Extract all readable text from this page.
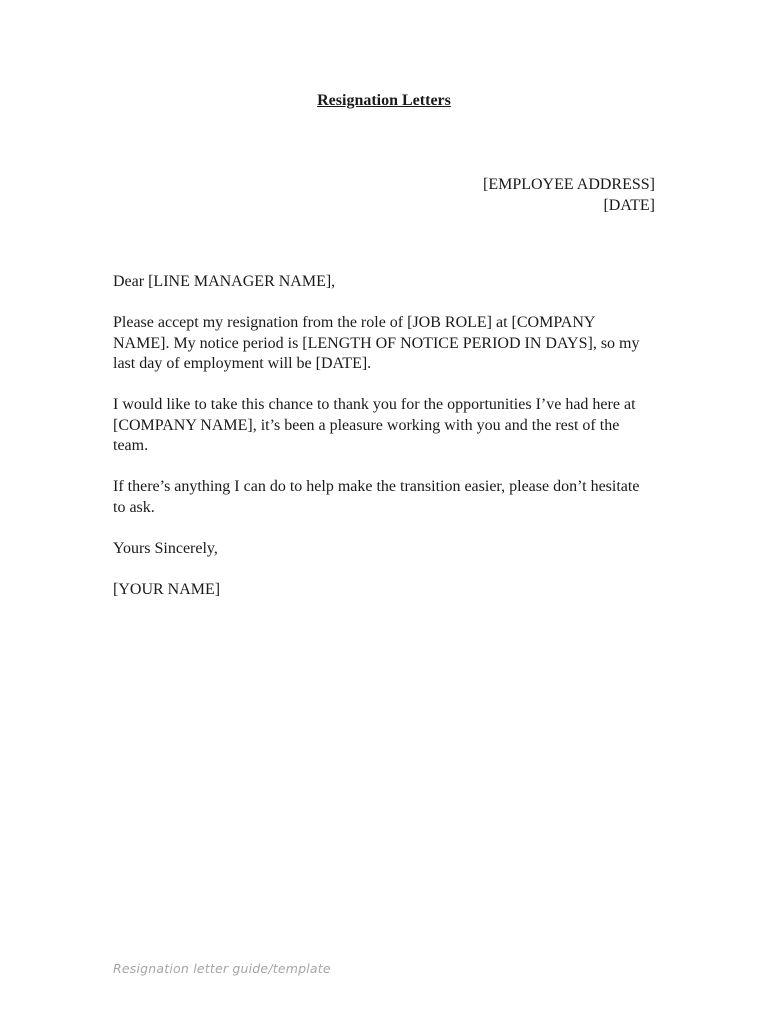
Resignation Letters
[EMPLOYEE ADDRESS]
[DATE]

Dear [LINE MANAGER NAME],

Please accept my resignation from the role of [JOB ROLE] at [COMPANY NAME]. My notice period is [LENGTH OF NOTICE PERIOD IN DAYS], so my last day of employment will be [DATE].

I would like to take this chance to thank you for the opportunities I’ve had here at [COMPANY NAME], it’s been a pleasure working with you and the rest of the team.

If there’s anything I can do to help make the transition easier, please don’t hesitate to ask.

Yours Sincerely,

[YOUR NAME]

Resignation letter guide/template
